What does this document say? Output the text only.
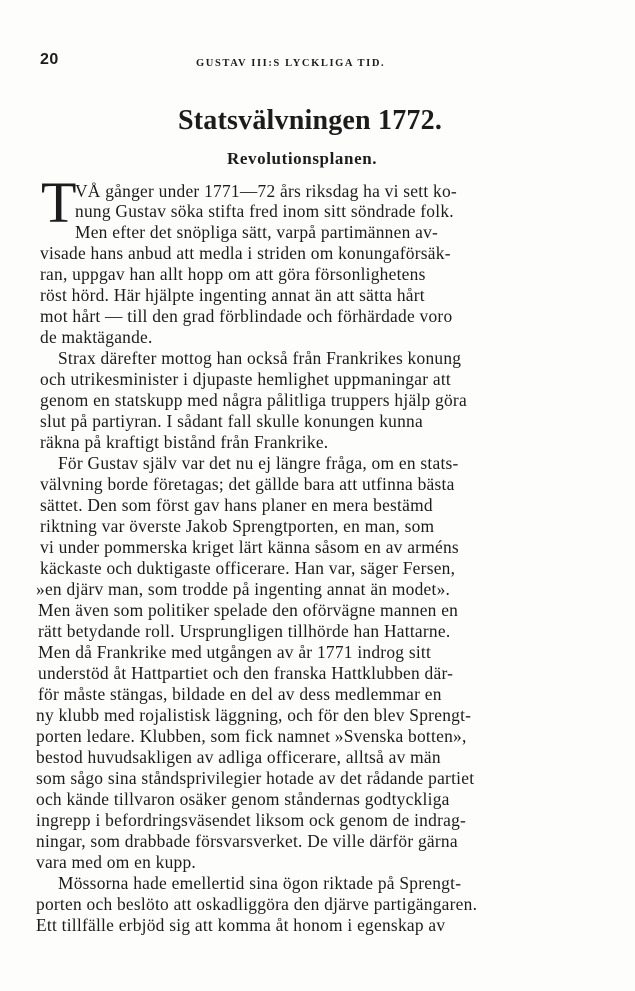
20	GUSTAV III:S LYCKLIGA TID.
Statsvälvningen 1772.
Revolutionsplanen.
T
VÅ gånger under 1771—72 års riksdag ha vi sett ko-
nung Gustav söka stifta fred inom sitt söndrade folk.
Men efter det snöpliga sätt, varpå partimännen av-
visade hans anbud att medla i striden om konungaförsäk-
ran, uppgav han allt hopp om att göra försonlighetens
röst hörd. Här hjälpte ingenting annat än att sätta hårt
mot hårt — till den grad förblindade och förhärdade voro
de maktägande.
Strax därefter mottog han också från Frankrikes konung
och utrikesminister i djupaste hemlighet uppmaningar att
genom en statskupp med några pålitliga truppers hjälp göra
slut på partiyran. I sådant fall skulle konungen kunna
räkna på kraftigt bistånd från Frankrike.
För Gustav själv var det nu ej längre fråga, om en stats-
välvning borde företagas; det gällde bara att utfinna bästa
sättet. Den som först gav hans planer en mera bestämd
riktning var överste Jakob Sprengtporten, en man, som
vi under pommerska kriget lärt känna såsom en av arméns
käckaste och duktigaste officerare. Han var, säger Fersen,
»en djärv man, som trodde på ingenting annat än modet».
Men även som politiker spelade den oförvägne mannen en
rätt betydande roll. Ursprungligen tillhörde han Hattarne.
Men då Frankrike med utgången av år 1771 indrog sitt
understöd åt Hattpartiet och den franska Hattklubben där-
för måste stängas, bildade en del av dess medlemmar en
ny klubb med rojalistisk läggning, och för den blev Sprengt-
porten ledare. Klubben, som fick namnet »Svenska botten»,
bestod huvudsakligen av adliga officerare, alltså av män
som sågo sina ståndsprivilegier hotade av det rådande partiet
och kände tillvaron osäker genom ståndernas godtyckliga
ingrepp i befordringsväsendet liksom ock genom de indrag-
ningar, som drabbade försvarsverket. De ville därför gärna
vara med om en kupp.
Mössorna hade emellertid sina ögon riktade på Sprengt-
porten och beslöto att oskadliggöra den djärve partigängaren.
Ett tillfälle erbjöd sig att komma åt honom i egenskap av
